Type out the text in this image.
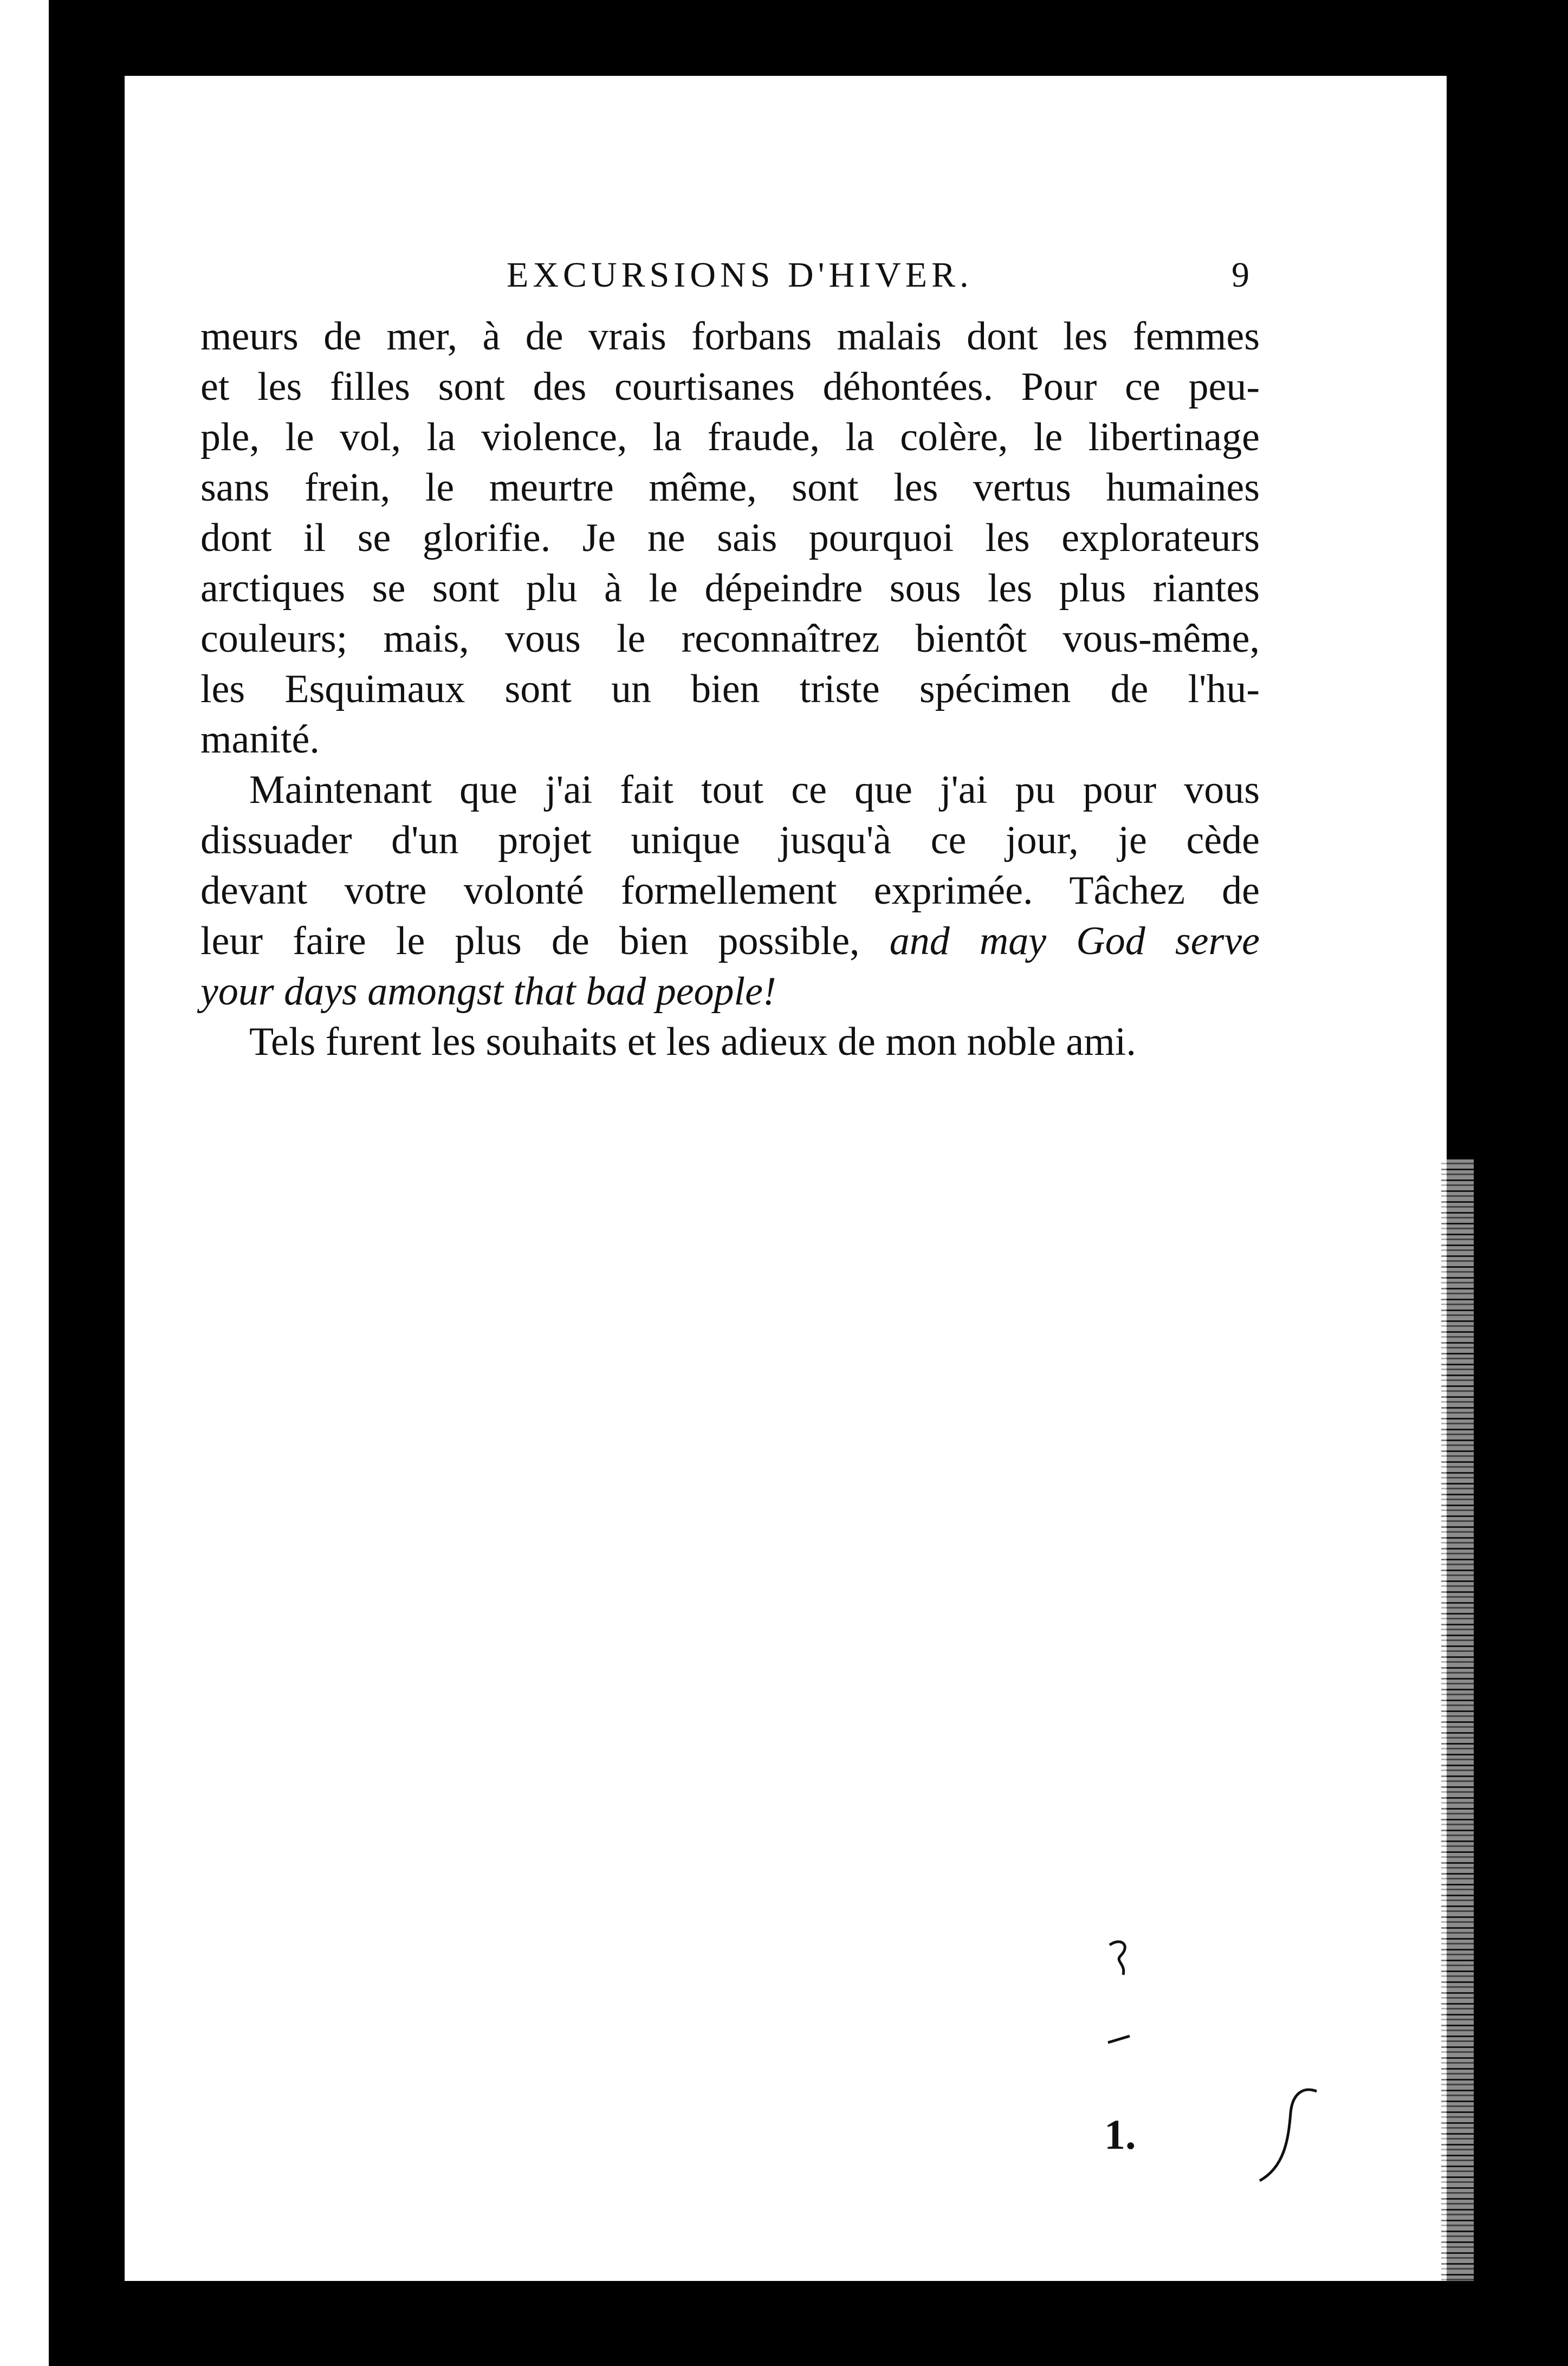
EXCURSIONS D'HIVER.	9
meurs de mer, à de vrais forbans malais dont les femmes
et les filles sont des courtisanes déhontées. Pour ce peu-
ple, le vol, la violence, la fraude, la colère, le libertinage
sans frein, le meurtre même, sont les vertus humaines
dont il se glorifie. Je ne sais pourquoi les explorateurs
arctiques se sont plu à le dépeindre sous les plus riantes
couleurs; mais, vous le reconnaîtrez bientôt vous-même,
les Esquimaux sont un bien triste spécimen de l'hu-
manité.
Maintenant que j'ai fait tout ce que j'ai pu pour vous
dissuader d'un projet unique jusqu'à ce jour, je cède
devant votre volonté formellement exprimée. Tâchez de
leur faire le plus de bien possible, and may God serve
your days amongst that bad people!
Tels furent les souhaits et les adieux de mon noble ami.
1.
